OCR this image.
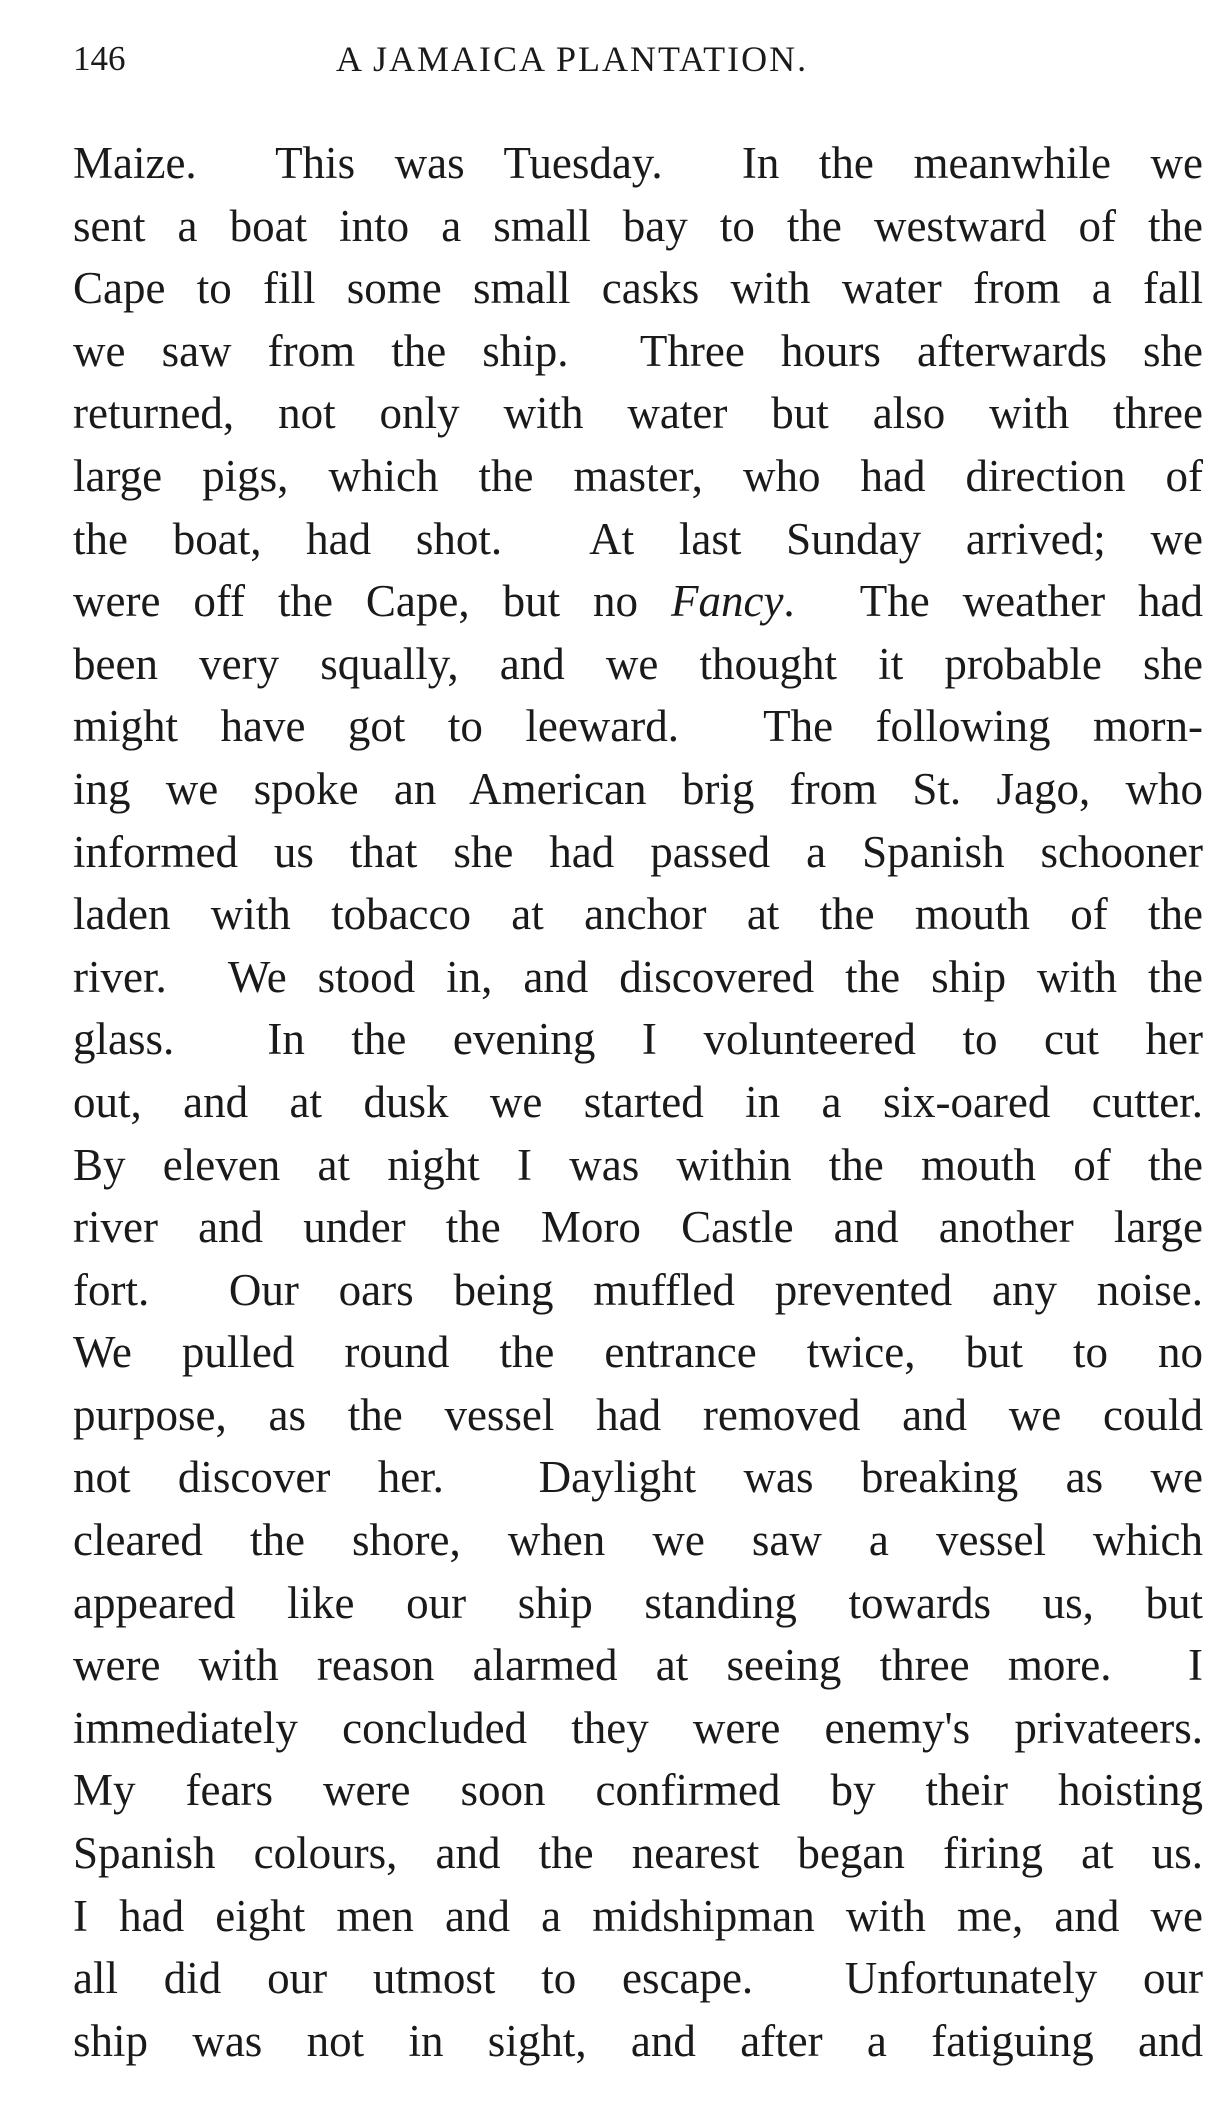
146	A JAMAICA PLANTATION.
Maize.  This was Tuesday.  In the meanwhile we
sent a boat into a small bay to the westward of the
Cape to fill some small casks with water from a fall
we saw from the ship.  Three hours afterwards she
returned, not only with water but also with three
large pigs, which the master, who had direction of
the boat, had shot.  At last Sunday arrived; we
were off the Cape, but no Fancy.  The weather had
been very squally, and we thought it probable she
might have got to leeward.  The following morn-
ing we spoke an American brig from St. Jago, who
informed us that she had passed a Spanish schooner
laden with tobacco at anchor at the mouth of the
river.  We stood in, and discovered the ship with the
glass.  In the evening I volunteered to cut her
out, and at dusk we started in a six-oared cutter.
By eleven at night I was within the mouth of the
river and under the Moro Castle and another large
fort.  Our oars being muffled prevented any noise.
We pulled round the entrance twice, but to no
purpose, as the vessel had removed and we could
not discover her.  Daylight was breaking as we
cleared the shore, when we saw a vessel which
appeared like our ship standing towards us, but
were with reason alarmed at seeing three more.  I
immediately concluded they were enemy's privateers.
My fears were soon confirmed by their hoisting
Spanish colours, and the nearest began firing at us.
I had eight men and a midshipman with me, and we
all did our utmost to escape.  Unfortunately our
ship was not in sight, and after a fatiguing and
